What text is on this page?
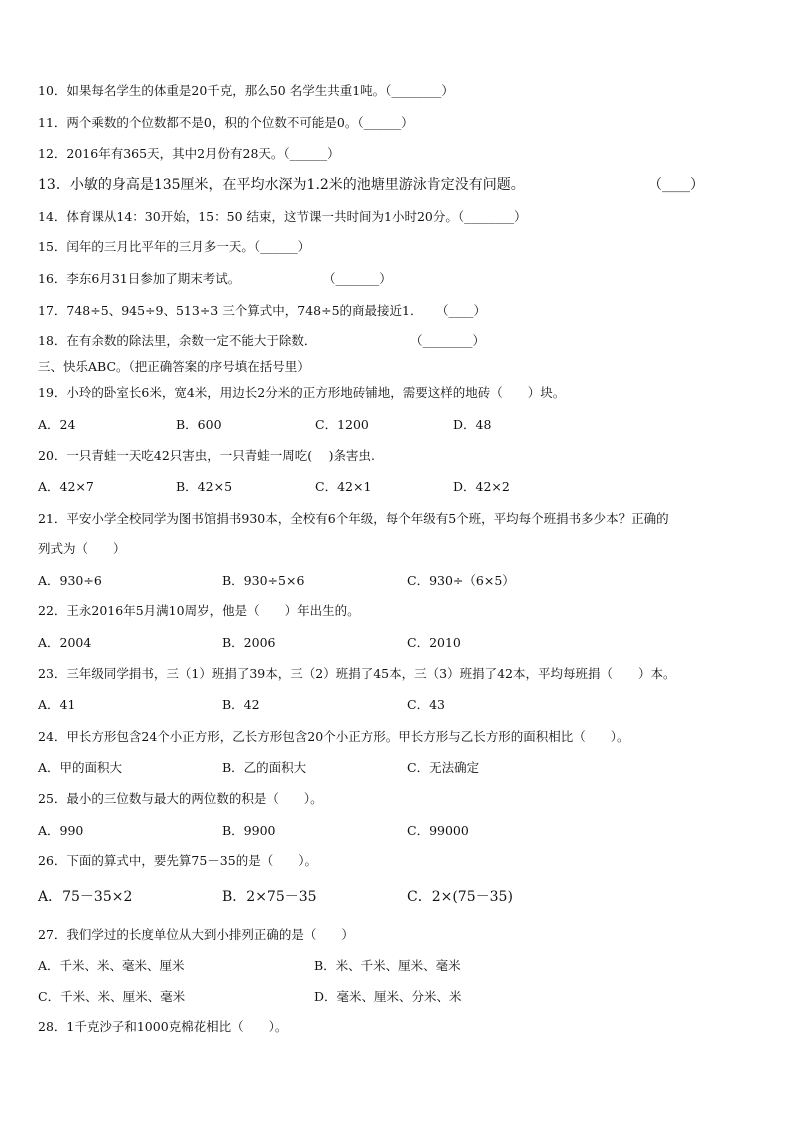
10．如果每名学生的体重是20千克，那么50 名学生共重1吨。（________）
11．两个乘数的个位数都不是0，积的个位数不可能是0。（______）
12．2016年有365天，其中2月份有28天。（______）
13．小敏的身高是135厘米，在平均水深为1.2米的池塘里游泳肯定没有问题。	（____）
14．体育课从14：30开始，15：50 结束，这节课一共时间为1小时20分。（________）
15．闰年的三月比平年的三月多一天。（______）
16．李东6月31日参加了期末考试。	（_______）
17．748÷5、945÷9、513÷3 三个算式中，748÷5的商最接近1． （____）
18．在有余数的除法里，余数一定不能大于除数．	（________）
三、快乐ABC。（把正确答案的序号填在括号里）
19．小玲的卧室长6米，宽4米，用边长2分米的正方形地砖铺地，需要这样的地砖（　　）块。
A．24	B．600	C．1200	D．48
20．一只青蛙一天吃42只害虫，一只青蛙一周吃(　 )条害虫.
A．42×7	B．42×5	C．42×1	D．42×2
21．平安小学全校同学为图书馆捐书930本，全校有6个年级，每个年级有5个班，平均每个班捐书多少本？正确的
列式为（　　）
A．930÷6	B．930÷5×6	C．930÷（6×5）
22．王永2016年5月满10周岁，他是（　　）年出生的。
A．2004	B．2006	C．2010
23．三年级同学捐书，三（1）班捐了39本，三（2）班捐了45本，三（3）班捐了42本，平均每班捐（　　）本。
A．41	B．42	C．43
24．甲长方形包含24个小正方形，乙长方形包含20个小正方形。甲长方形与乙长方形的面积相比（　　）。
A．甲的面积大	B．乙的面积大	C．无法确定
25．最小的三位数与最大的两位数的积是（　　）。
A．990	B．9900	C．99000
26．下面的算式中，要先算75－35的是（　　）。
A．75－35×2	B．2×75－35	C．2×(75－35)
27．我们学过的长度单位从大到小排列正确的是（　　）
A．千米、米、毫米、厘米	B．米、千米、厘米、毫米
C．千米、米、厘米、毫米	D．毫米、厘米、分米、米
28．1千克沙子和1000克棉花相比（　　）。
